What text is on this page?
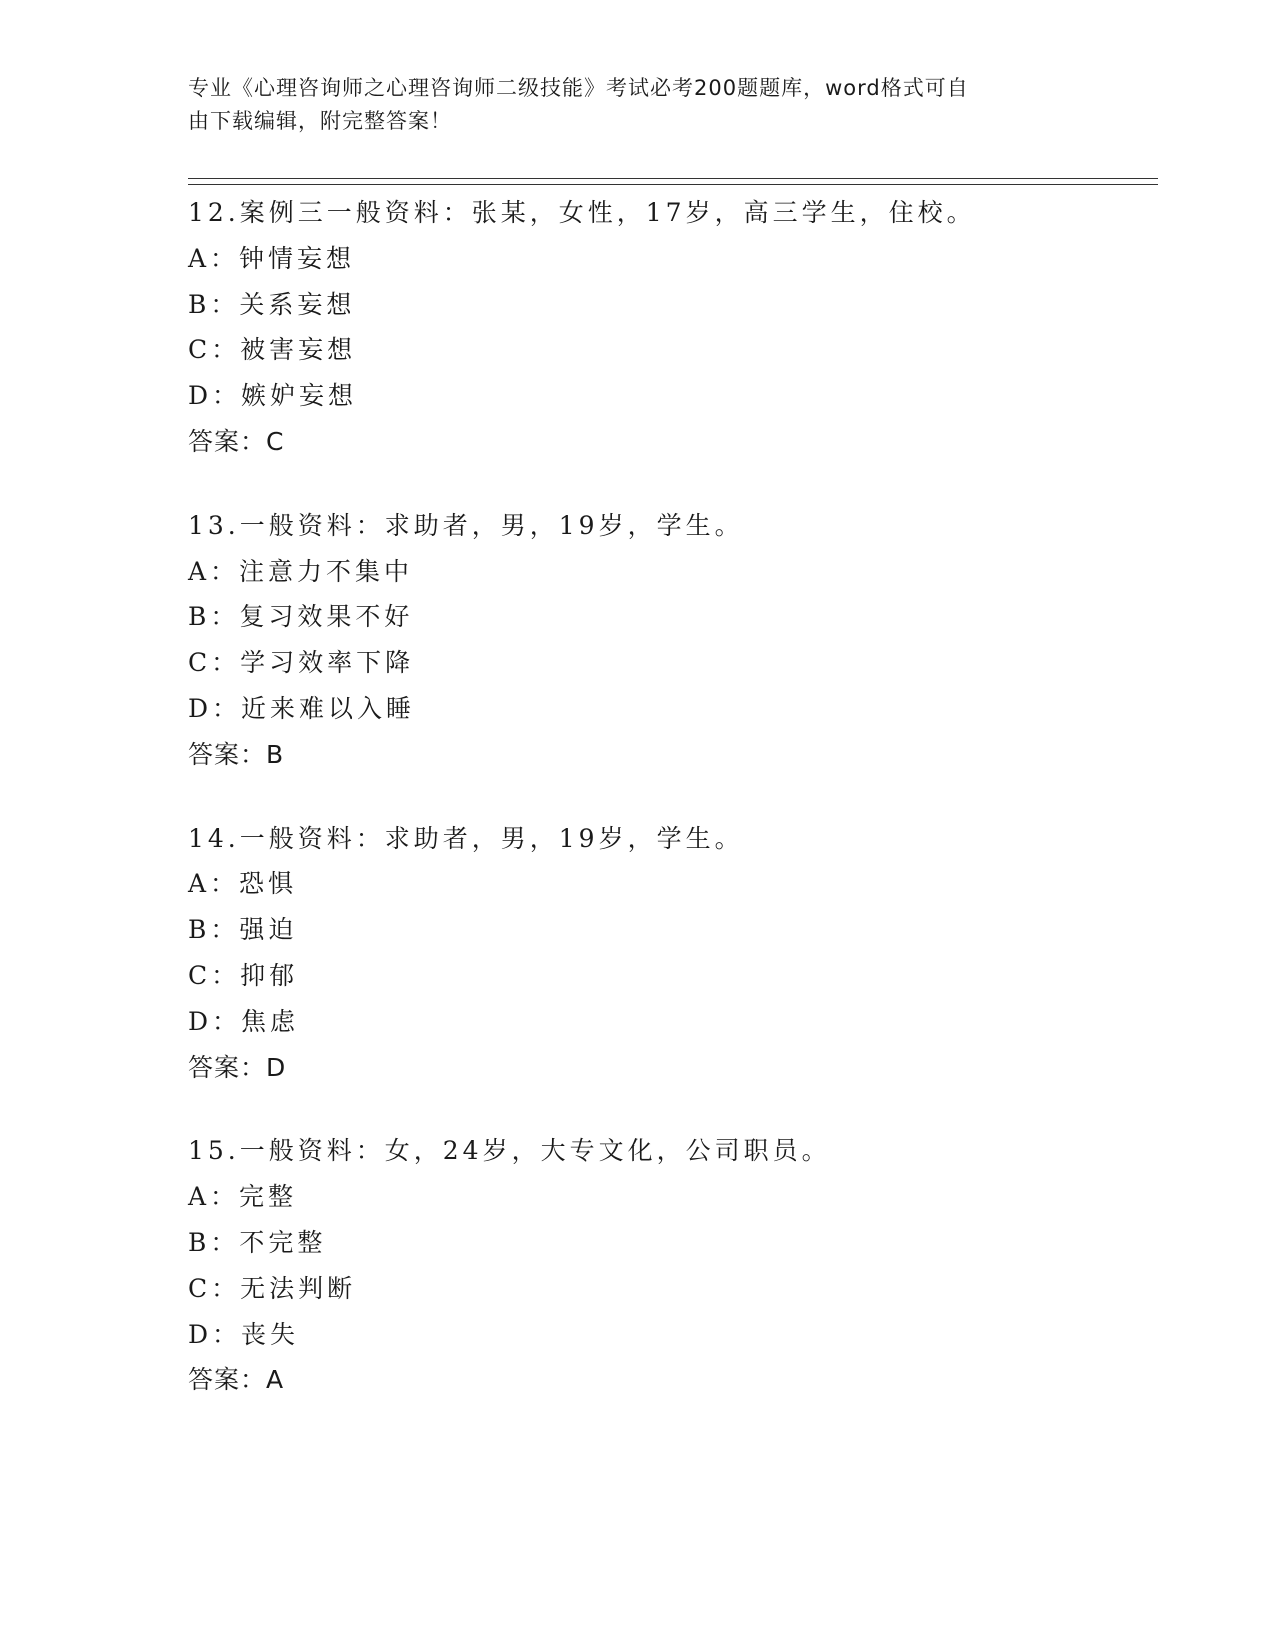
专业《心理咨询师之心理咨询师二级技能》考试必考200题题库，word格式可自
由下载编辑，附完整答案！
12.案例三一般资料：张某，女性，17岁，高三学生，住校。
A：钟情妄想
B：关系妄想
C：被害妄想
D：嫉妒妄想
答案：C
13.一般资料：求助者，男，19岁，学生。
A：注意力不集中
B：复习效果不好
C：学习效率下降
D：近来难以入睡
答案：B
14.一般资料：求助者，男，19岁，学生。
A：恐惧
B：强迫
C：抑郁
D：焦虑
答案：D
15.一般资料：女，24岁，大专文化，公司职员。
A：完整
B：不完整
C：无法判断
D：丧失
答案：A
